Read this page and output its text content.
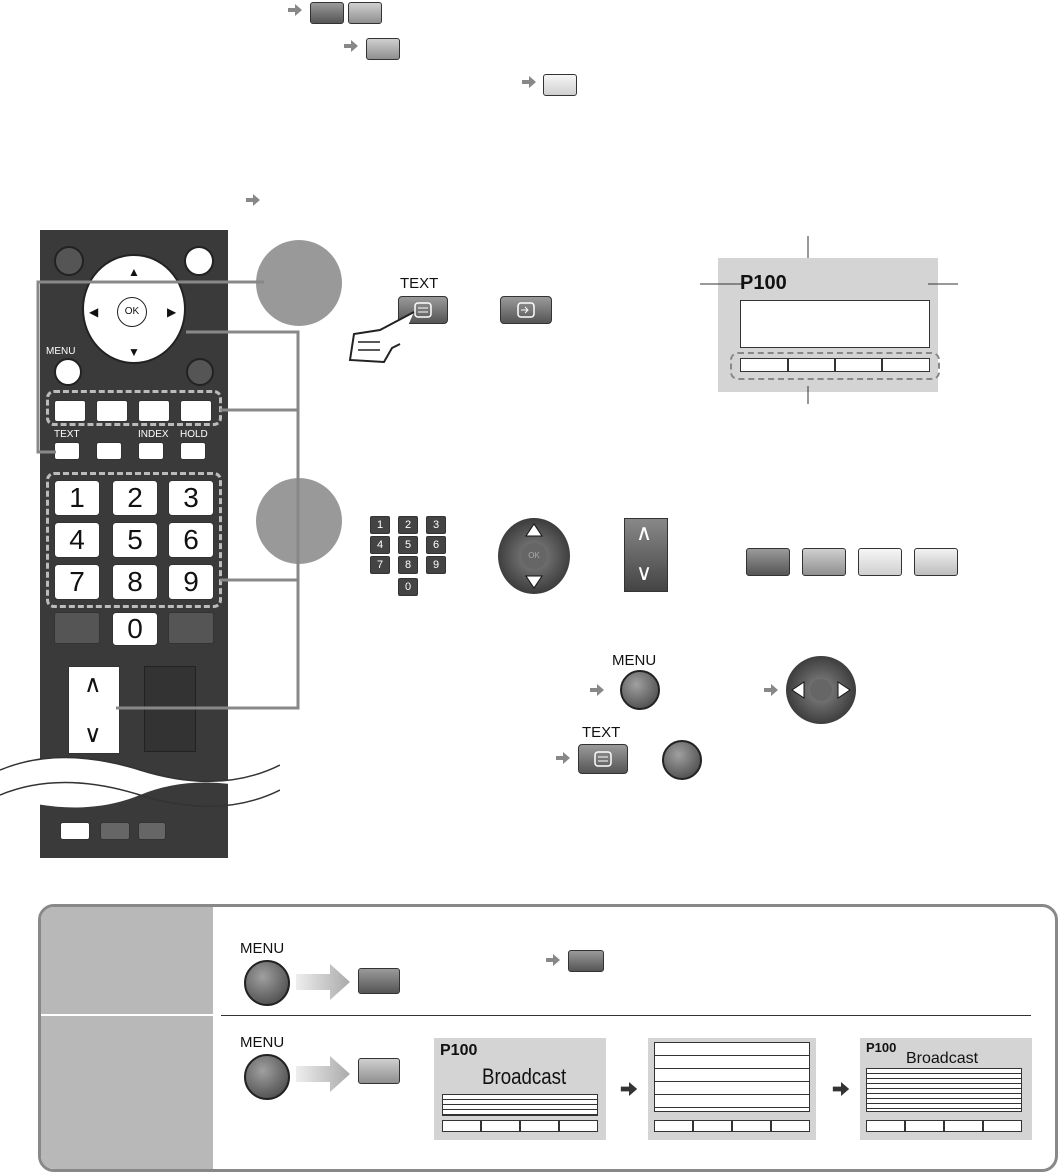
OK
▲
▼
◀	▶
MENU
TEXT	INDEX HOLD
0
∧
∨
1	2	3
4	5	6
7	8	9
TEXT	P100
1	2	3
4	5	6
7	8	9
0
OK
∧
∨
MENU
TEXT
MENU
MENU	P100
Broadcast
P100
Broadcast
